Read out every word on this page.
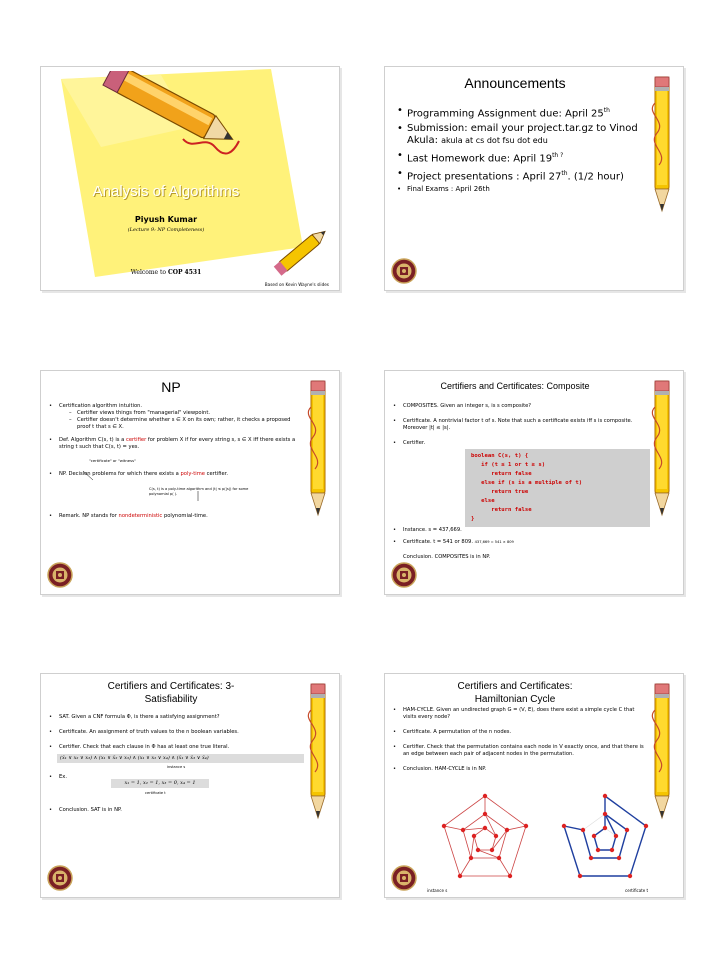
Analysis of Algorithms
Piyush Kumar
(Lecture 9: NP Completeness)
Welcome to COP 4531
Based on Kevin Wayne's slides
Announcements
• Programming Assignment due: April 25th
• Submission: email your project.tar.gz to Vinod Akula: akula at cs dot fsu dot edu
• Last Homework due: April $19^{th ?}$
• Project presentations : April 27th. (1/2 hour)
• Final Exams : April 26th
NP
• Certification algorithm intuition.
– Certifier views things from "managerial" viewpoint.
– Certifier doesn't determine whether s ∈ X on its own; rather, it checks a proposed proof t that s ∈ X.
• Def. Algorithm C(s, t) is a certifier for problem X if for every string s, s ∈ X iff there exists a string t such that C(s, t) = yes.
"certificate" or "witness"
• NP. Decision problems for which there exists a poly-time certifier.
C(s, t) is a poly-time algorithm and |t| ≤ p(|s|) for some polynomial p( ).
• Remark. NP stands for nondeterministic polynomial-time.
Certifiers and Certificates: Composite
• COMPOSITES. Given an integer s, is s composite?
• Certificate. A nontrivial factor t of s. Note that such a certificate exists iff s is composite. Moreover |t| ≤ |s|.
• Certifier.
boolean C(s, t) {
if (t ≤ 1 or t ≥ s)
return false
else if (s is a multiple of t)
return true
else
return false
}
• Instance. s = 437,669.
• Certificate. t = 541 or 809. 437,669 = 541 × 809
Conclusion. COMPOSITES is in NP.
Certifiers and Certificates: 3-
Satisfiability
• SAT. Given a CNF formula Φ, is there a satisfying assignment?
• Certificate. An assignment of truth values to the n boolean variables.
• Certifier. Check that each clause in Φ has at least one true literal.
(x̄₁ ∨ x₂ ∨ x₃) ∧ (x₁ ∨ x̄₂ ∨ x₃) ∧ (x₁ ∨ x₂ ∨ x₄) ∧ (x̄₁ ∨ x̄₃ ∨ x̄₄)
instance s
• Ex.
x₁ = 1, x₂ = 1, x₃ = 0, x₄ = 1
certificate t
• Conclusion. SAT is in NP.
Certifiers and Certificates:
Hamiltonian Cycle
• HAM-CYCLE. Given an undirected graph G = (V, E), does there exist a simple cycle C that visits every node?
• Certificate. A permutation of the n nodes.
• Certifier. Check that the permutation contains each node in V exactly once, and that there is an edge between each pair of adjacent nodes in the permutation.
• Conclusion. HAM-CYCLE is in NP.
instance s	certificate t
